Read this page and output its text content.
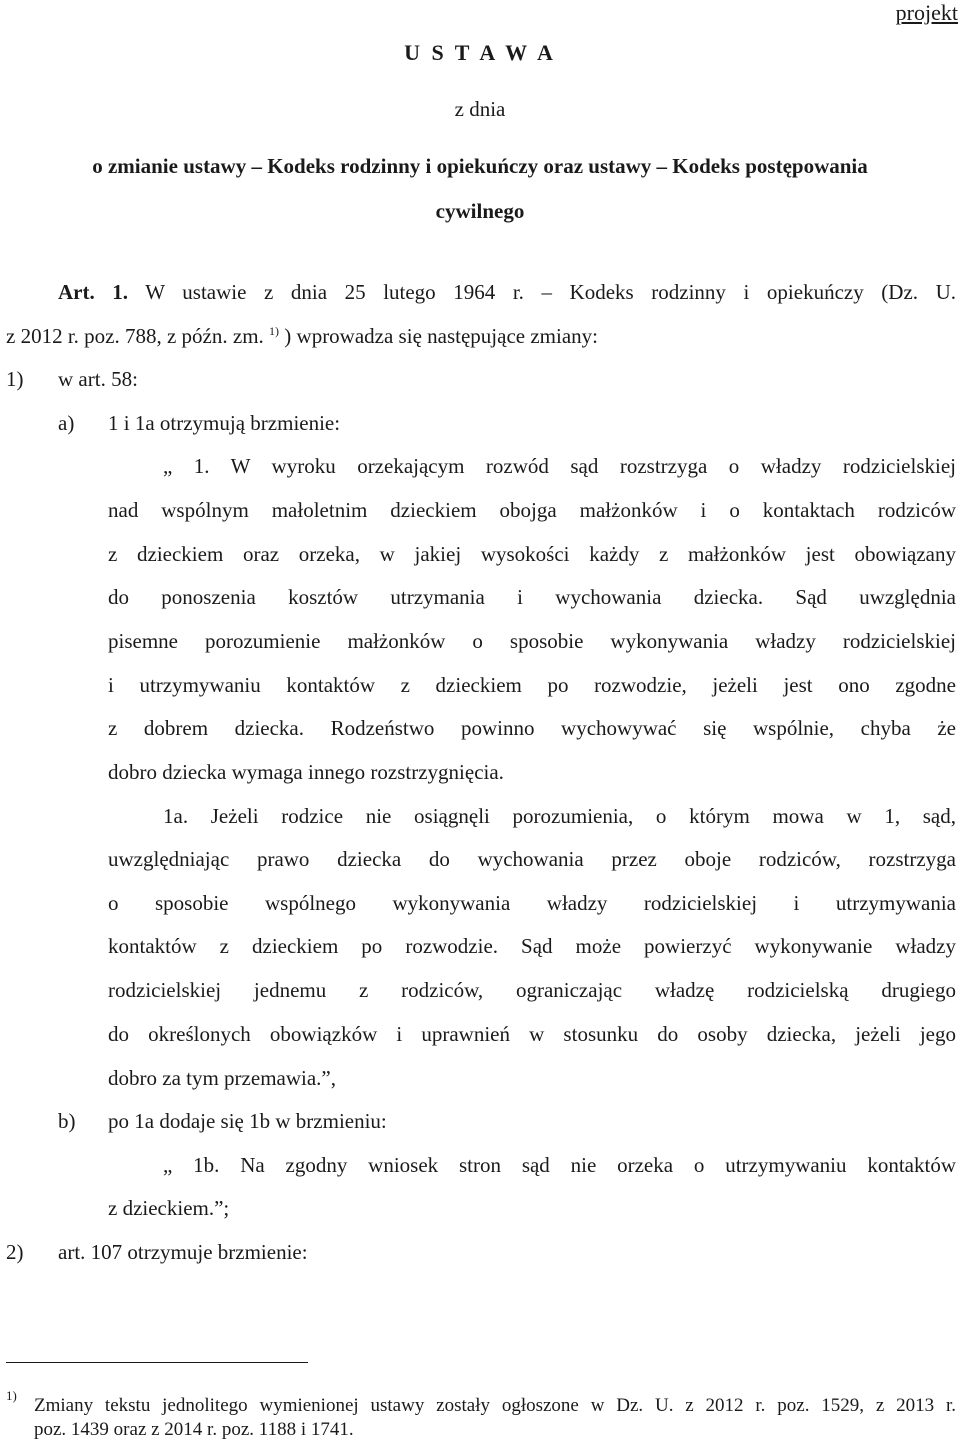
projekt
U S T A W A
z dnia
o zmianie ustawy – Kodeks rodzinny i opiekuńczy oraz ustawy – Kodeks postępowania
cywilnego
Art. 1. W ustawie z dnia 25 lutego 1964 r. – Kodeks rodzinny i opiekuńczy (Dz. U.
z 2012 r. poz. 788, z późn. zm. $^{1)}$ ) wprowadza się następujące zmiany:
1) w art. 58:
a) 1 i 1a otrzymują brzmienie:
„ 1. W wyroku orzekającym rozwód sąd rozstrzyga o władzy rodzicielskiej
nad wspólnym małoletnim dzieckiem obojga małżonków i o kontaktach rodziców
z dzieckiem oraz orzeka, w jakiej wysokości każdy z małżonków jest obowiązany
do ponoszenia kosztów utrzymania i wychowania dziecka. Sąd uwzględnia
pisemne porozumienie małżonków o sposobie wykonywania władzy rodzicielskiej
i utrzymywaniu kontaktów z dzieckiem po rozwodzie, jeżeli jest ono zgodne
z dobrem dziecka. Rodzeństwo powinno wychowywać się wspólnie, chyba że
dobro dziecka wymaga innego rozstrzygnięcia.
1a. Jeżeli rodzice nie osiągnęli porozumienia, o którym mowa w 1, sąd,
uwzględniając prawo dziecka do wychowania przez oboje rodziców, rozstrzyga
o sposobie wspólnego wykonywania władzy rodzicielskiej i utrzymywania
kontaktów z dzieckiem po rozwodzie. Sąd może powierzyć wykonywanie władzy
rodzicielskiej jednemu z rodziców, ograniczając władzę rodzicielską drugiego
do określonych obowiązków i uprawnień w stosunku do osoby dziecka, jeżeli jego
dobro za tym przemawia.”,
b) po 1a dodaje się 1b w brzmieniu:
„ 1b. Na zgodny wniosek stron sąd nie orzeka o utrzymywaniu kontaktów
z dzieckiem.”;
2) art. 107 otrzymuje brzmienie:
1) Zmiany tekstu jednolitego wymienionej ustawy zostały ogłoszone w Dz. U. z 2012 r. poz. 1529, z 2013 r.
poz. 1439 oraz z 2014 r. poz. 1188 i 1741.
